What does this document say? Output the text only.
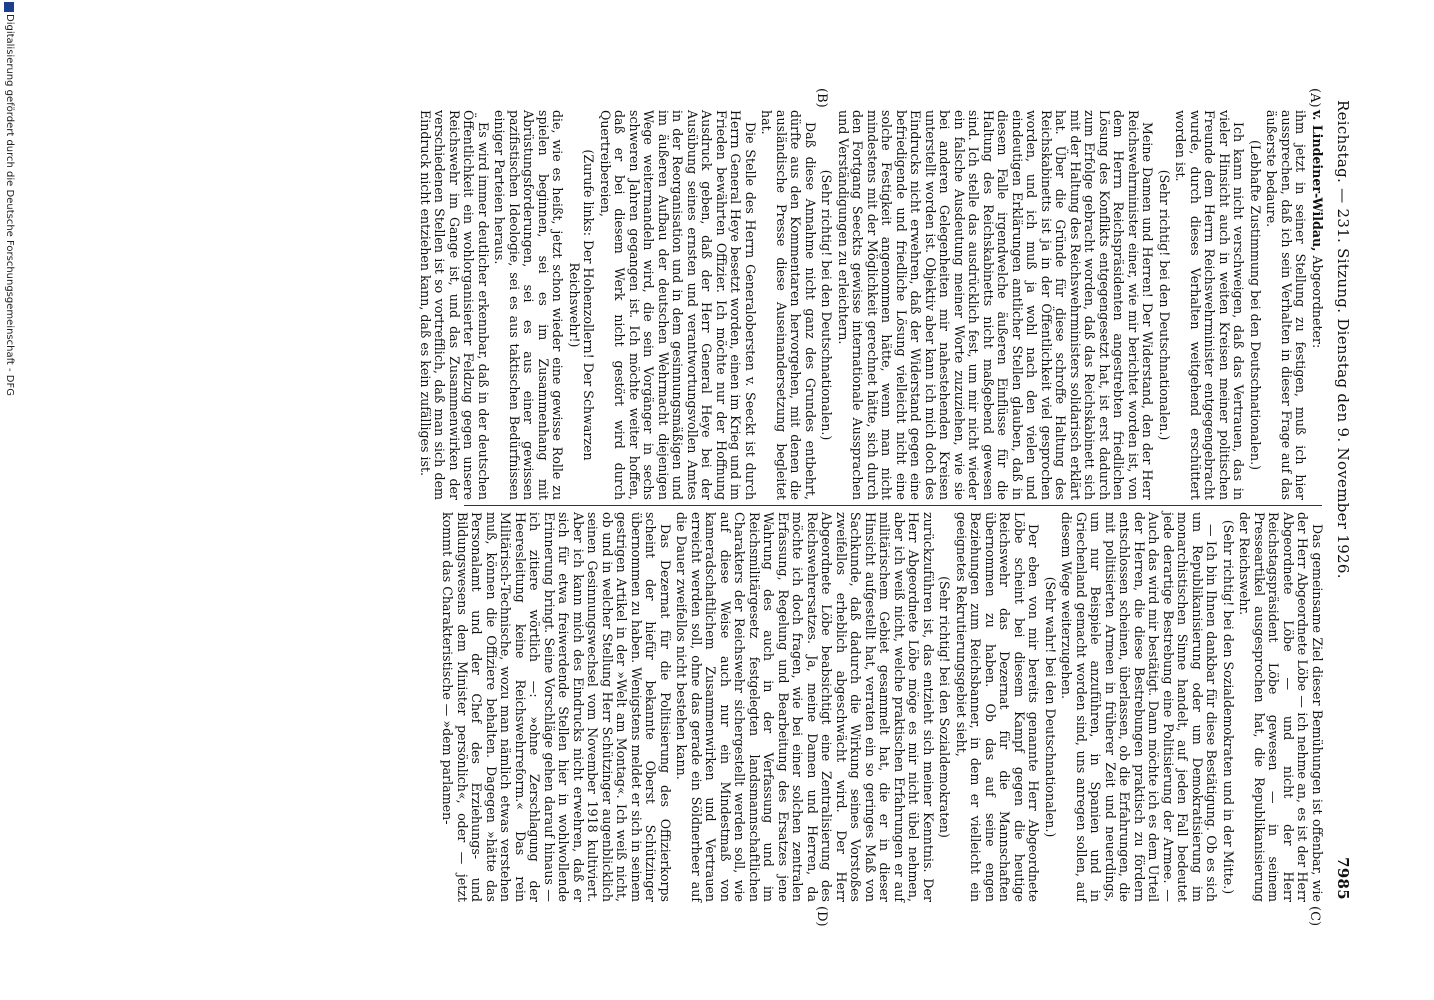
Reichstag. — 231. Sitzung. Dienstag den 9. November 1926.
7985
(A)
(B)
(C)
(D)

v. Lindeiner-Wildau, Abgeordneter:

ihm jetzt in seiner Stellung zu festigen, muß ich hier aussprechen, daß ich sein Verhalten in dieser Frage auf das äußerste bedaure.

(Lebhafte Zustimmung bei den Deutschnationalen.)

Ich kann nicht verschweigen, daß das Vertrauen, das in vieler Hinsicht auch in weiten Kreisen meiner politischen Freunde dem Herrn Reichswehrminister entgegengebracht wurde, durch dieses Verhalten weitgehend erschüttert worden ist.

(Sehr richtig! bei den Deutschnationalen.)

Meine Damen und Herren! Der Widerstand, den der Herr Reichswehrminister einer, wie mir berichtet worden ist, von dem Herrn Reichspräsidenten angestrebten friedlichen Lösung des Konflikts entgegengesetzt hat, ist erst dadurch zum Erfolge gebracht worden, daß das Reichskabinett sich mit der Haltung des Reichswehrministers solidarisch erklärt hat. Über die Gründe für diese schroffe Haltung des Reichskabinetts ist ja in der Öffentlichkeit viel gesprochen worden, und ich muß ja wohl nach den vielen und eindeutigen Erklärungen amtlicher Stellen glauben, daß in diesem Falle irgendwelche äußeren Einflüsse für die Haltung des Reichskabinetts nicht maßgebend gewesen sind. Ich stelle das ausdrücklich fest, um mir nicht wieder ein falsche Ausdeutung meiner Worte zuzuziehen, wie sie bei anderen Gelegenheiten mir nahestehenden Kreisen unterstellt worden ist. Objektiv aber kann ich mich doch des Eindrucks nicht erwehren, daß der Widerstand gegen eine befriedigende und friedliche Lösung vielleicht nicht eine solche Festigkeit angenommen hätte, wenn man nicht mindestens mit der Möglichkeit gerechnet hätte, sich durch den Fortgang Seeckts gewisse internationale Aussprachen und Verständigungen zu erleichtern.

(Sehr richtig! bei den Deutschnationalen.)

Daß diese Annahme nicht ganz des Grundes entbehrt, dürfte aus den Kommentaren hervorgehen, mit denen die ausländische Presse diese Auseinandersetzung begleitet hat.

Die Stelle des Herrn Generalobersten v. Seeckt ist durch Herrn General Heye besetzt worden, einen im Krieg und im Frieden bewährten Offizier. Ich möchte nur der Hoffnung Ausdruck geben, daß der Herr General Heye bei der Ausübung seines ernsten und verantwortungsvollen Amtes in der Reorganisation und in dem gesinnungsmäßigen und im äußeren Aufbau der deutschen Wehrmacht diejenigen Wege weitermandeln wird, die sein Vorgänger in sechs schweren Jahren gegangen ist. Ich möchte weiter hoffen, daß er bei diesem Werk nicht gestört wird durch Quertreibereien,

(Zurufe links: Der Hohenzollern! Der Schwarzen Reichswehr!)

die, wie es heißt, jetzt schon wieder eine gewisse Rolle zu spielen beginnen, sei es im Zusammenhang mit Abrüstungsforderungen, sei es aus einer gewissen pazifistischen Ideologie, sei es aus taktischen Bedürfnissen einiger Parteien heraus.

Es wird immer deutlicher erkennbar, daß in der deutschen Öffentlichkeit ein wohlorganisierter Feldzug gegen unsere Reichswehr im Gange ist, und das Zusammenwirken der verschiedenen Stellen ist so vortrefflich, daß man sich dem Eindruck nicht entziehen kann, daß es kein zufälliges ist.

Das gemeinsame Ziel dieser Bemühungen ist offenbar, wie der Herr Abgeordnete Löbe — ich nehme an, es ist der Herr Abgeordnete Löbe — und nicht der Herr Reichstagspräsident Löbe gewesen — in seinem Presseartikel ausgesprochen hat, die Republikanisierung der Reichswehr.

(Sehr richtig! bei den Sozialdemokraten und in der Mitte.)

— Ich bin Ihnen dankbar für diese Bestätigung. Ob es sich um Republikanisierung oder um Demokratisierung im monarchistischen Sinne handelt, auf jeden Fall bedeutet jede derartige Bestrebung eine Politisierung der Armee. — Auch das wird mir bestätigt. Dann möchte ich es dem Urteil der Herren, die diese Bestrebungen praktisch zu fördern entschlossen scheinen, überlassen, ob die Erfahrungen, die mit politisierten Armeen in früherer Zeit und neuerdings, um nur Beispiele anzuführen, in Spanien und in Griechenland gemacht worden sind, uns anregen sollen, auf diesem Wege weiterzugehen.

(Sehr wahr! bei den Deutschnationalen.)

Der eben von mir bereits genannte Herr Abgeordnete Löbe scheint bei diesem Kampf gegen die heutige Reichswehr das Dezernat für die Mannschaften übernommen zu haben. Ob das auf seine engen Beziehungen zum Reichsbanner, in dem er vielleicht ein geeignetes Rekrutierungsgebiet sieht,

(Sehr richtig! bei den Sozialdemokraten)

zurückzuführen ist, das entzieht sich meiner Kenntnis. Der Herr Abgeordnete Löbe möge es mir nicht übel nehmen, aber ich weiß nicht, welche praktischen Erfahrungen er auf militärischem Gebiet gesammelt hat, die er in dieser Hinsicht aufgestellt hat, verraten ein so geringes Maß von Sachkunde, daß dadurch die Wirkung seines Vorstoßes zweifellos erheblich abgeschwächt wird. Der Herr Abgeordnete Löbe beabsichtigt eine Zentralisierung des Reichswehrersatzes. Ja, meine Damen und Herren, da möchte ich doch fragen, wie bei einer solchen zentralen Erfassung, Regelung und Bearbeitung des Ersatzes jene Wahrung des auch in der Verfassung und im Reichsmilitärgesetz festgelegten landsmannschaftlichen Charakters der Reichswehr sichergestellt werden soll, wie auf diese Weise auch nur ein Mindestmaß von kameradschaftlichem Zusammenwirken und Vertrauen erreicht werden soll, ohne das gerade ein Söldnerheer auf die Dauer zweifellos nicht bestehen kann.

Das Dezernat für die Politisierung des Offizierkorps scheint der hiefür bekannte Oberst Schützinger übernommen zu haben. Wenigstens meldet er sich in seinem gestrigen Artikel in der »Welt am Montag«. Ich weiß nicht, ob und in welcher Stellung Herr Schützinger augenblicklich seinen Gesinnungswechsel vom November 1918 kultiviert. Aber ich kann mich des Eindrucks nicht erwehren, daß er sich für etwa freiwerdende Stellen hier in wohlwollende Erinnerung bringt. Seine Vorschläge gehen darauf hinaus — ich zitiere wörtlich —: »ohne Zerschlagung der Heeresleitung keine Reichswehrreform.« Das rein Militärisch-Technische, wozu man nämlich etwas verstehen muß, können die Offiziere behalten. Dagegen »hätte das Personalamt und der Chef des Erziehungs- und Bildungswesens dem Minister persönlich«, oder — jetzt kommt das Charakteristische — »dem parlamen-

Digitalisierung gefördert durch die Deutsche Forschungsgemeinschaft - DFG
